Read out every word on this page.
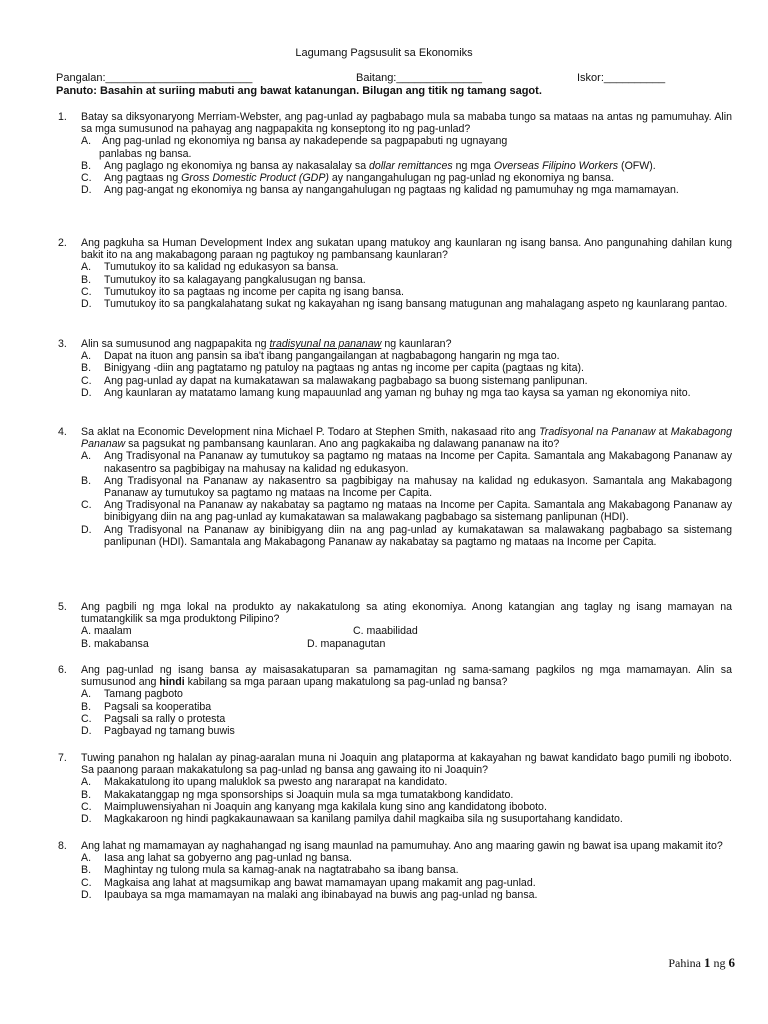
Lagumang Pagsusulit sa Ekonomiks
Pangalan:________________________	Baitang:______________	Iskor:__________
Panuto: Basahin at suriing mabuti ang bawat katanungan. Bilugan ang titik ng tamang sagot.
1. Batay sa diksyonaryong Merriam-Webster, ang pag-unlad ay pagbabago mula sa mababa tungo sa mataas na antas ng pamumuhay. Alin sa mga sumusunod na pahayag ang nagpapakita ng konseptong ito ng pag-unlad?
A. Ang pag-unlad ng ekonomiya ng bansa ay nakadepende sa pagpapabuti ng ugnayang
panlabas ng bansa.
B. Ang paglago ng ekonomiya ng bansa ay nakasalalay sa dollar remittances ng mga Overseas Filipino Workers (OFW).
C. Ang pagtaas ng Gross Domestic Product (GDP) ay nangangahulugan ng pag-unlad ng ekonomiya ng bansa.
D. Ang pag-angat ng ekonomiya ng bansa ay nangangahulugan ng pagtaas ng kalidad ng pamumuhay ng mga mamamayan.
2. Ang pagkuha sa Human Development Index ang sukatan upang matukoy ang kaunlaran ng isang bansa. Ano pangunahing dahilan kung bakit ito na ang makabagong paraan ng pagtukoy ng pambansang kaunlaran?
A. Tumutukoy ito sa kalidad ng edukasyon sa bansa.
B. Tumutukoy ito sa kalagayang pangkalusugan ng bansa.
C. Tumutukoy ito sa pagtaas ng income per capita ng isang bansa.
D. Tumutukoy ito sa pangkalahatang sukat ng kakayahan ng isang bansang matugunan ang mahalagang aspeto ng kaunlarang pantao.
3. Alin sa sumusunod ang nagpapakita ng tradisyunal na pananaw ng kaunlaran?
A. Dapat na ituon ang pansin sa iba't ibang pangangailangan at nagbabagong hangarin ng mga tao.
B. Binigyang -diin ang pagtatamo ng patuloy na pagtaas ng antas ng income per capita (pagtaas ng kita).
C. Ang pag-unlad ay dapat na kumakatawan sa malawakang pagbabago sa buong sistemang panlipunan.
D. Ang kaunlaran ay matatamo lamang kung mapauunlad ang yaman ng buhay ng mga tao kaysa sa yaman ng ekonomiya nito.
4. Sa aklat na Economic Development nina Michael P. Todaro at Stephen Smith, nakasaad rito ang Tradisyonal na Pananaw at Makabagong Pananaw sa pagsukat ng pambansang kaunlaran. Ano ang pagkakaiba ng dalawang pananaw na ito?
A. Ang Tradisyonal na Pananaw ay tumutukoy sa pagtamo ng mataas na Income per Capita. Samantala ang Makabagong Pananaw ay nakasentro sa pagbibigay na mahusay na kalidad ng edukasyon.
B. Ang Tradisyonal na Pananaw ay nakasentro sa pagbibigay na mahusay na kalidad ng edukasyon. Samantala ang Makabagong Pananaw ay tumutukoy sa pagtamo ng mataas na Income per Capita.
C. Ang Tradisyonal na Pananaw ay nakabatay sa pagtamo ng mataas na Income per Capita. Samantala ang Makabagong Pananaw ay binibigyang diin na ang pag-unlad ay kumakatawan sa malawakang pagbabago sa sistemang panlipunan (HDI).
D. Ang Tradisyonal na Pananaw ay binibigyang diin na ang pag-unlad ay kumakatawan sa malawakang pagbabago sa sistemang panlipunan (HDI). Samantala ang Makabagong Pananaw ay nakabatay sa pagtamo ng mataas na Income per Capita.
5. Ang pagbili ng mga lokal na produkto ay nakakatulong sa ating ekonomiya. Anong katangian ang taglay ng isang mamayan na tumatangkilik sa mga produktong Pilipino?
A. maalam	C. maabilidad
B. makabansa	D. mapanagutan
6. Ang pag-unlad ng isang bansa ay maisasakatuparan sa pamamagitan ng sama-samang pagkilos ng mga mamamayan. Alin sa sumusunod ang hindi kabilang sa mga paraan upang makatulong sa pag-unlad ng bansa?
A. Tamang pagboto
B. Pagsali sa kooperatiba
C. Pagsali sa rally o protesta
D. Pagbayad ng tamang buwis
7. Tuwing panahon ng halalan ay pinag-aaralan muna ni Joaquin ang plataporma at kakayahan ng bawat kandidato bago pumili ng iboboto. Sa paanong paraan makakatulong sa pag-unlad ng bansa ang gawaing ito ni Joaquin?
A. Makakatulong ito upang maluklok sa pwesto ang nararapat na kandidato.
B. Makakatanggap ng mga sponsorships si Joaquin mula sa mga tumatakbong kandidato.
C. Maimpluwensiyahan ni Joaquin ang kanyang mga kakilala kung sino ang kandidatong iboboto.
D. Magkakaroon ng hindi pagkakaunawaan sa kanilang pamilya dahil magkaiba sila ng susuportahang kandidato.
8. Ang lahat ng mamamayan ay naghahangad ng isang maunlad na pamumuhay. Ano ang maaring gawin ng bawat isa upang makamit ito?
A. Iasa ang lahat sa gobyerno ang pag-unlad ng bansa.
B. Maghintay ng tulong mula sa kamag-anak na nagtatrabaho sa ibang bansa.
C. Magkaisa ang lahat at magsumikap ang bawat mamamayan upang makamit ang pag-unlad.
D. Ipaubaya sa mga mamamayan na malaki ang ibinabayad na buwis ang pag-unlad ng bansa.
Pahina 1 ng 6
